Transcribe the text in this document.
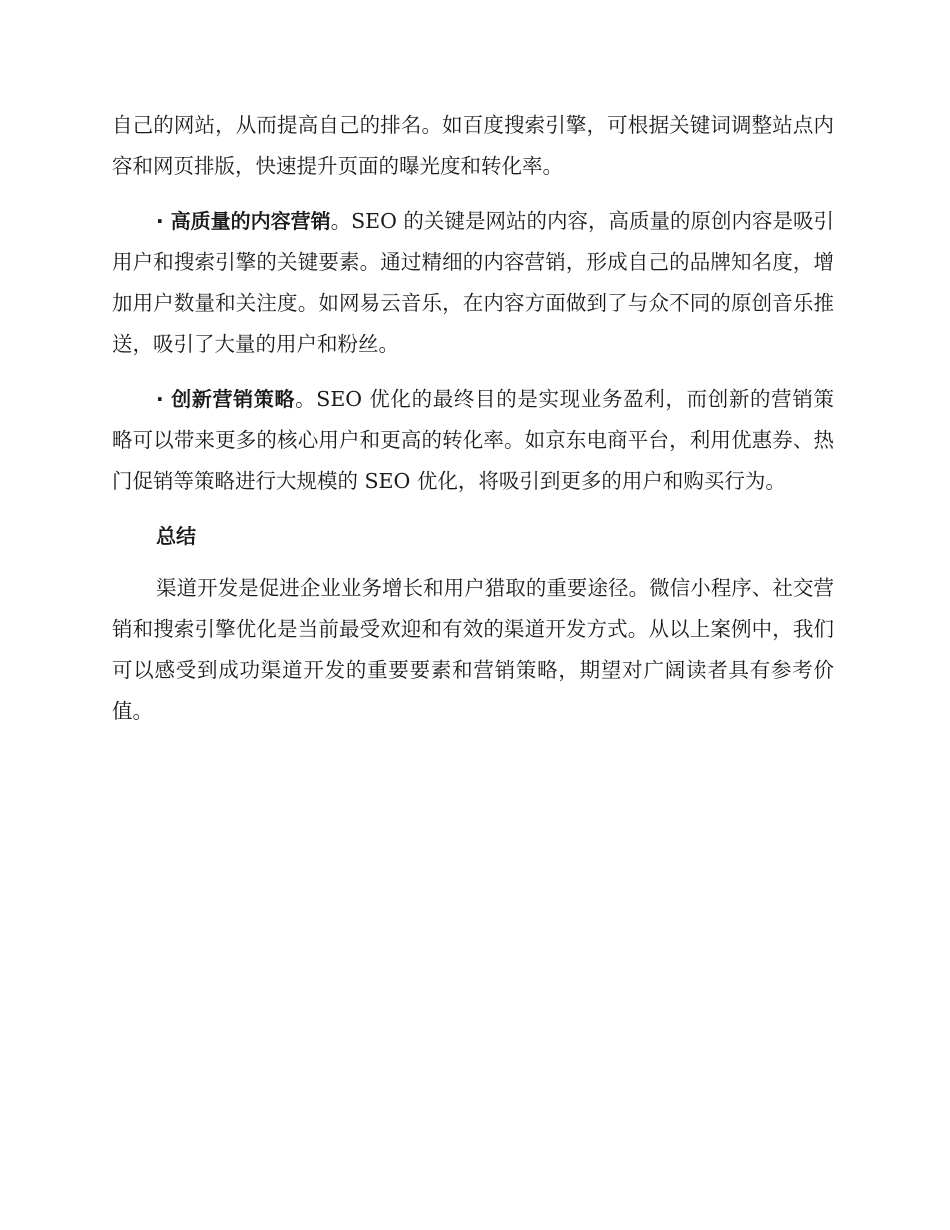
自己的网站，从而提高自己的排名。如百度搜索引擎，可根据关键词调整站点内容和网页排版，快速提升页面的曝光度和转化率。

· 高质量的内容营销。SEO 的关键是网站的内容，高质量的原创内容是吸引用户和搜索引擎的关键要素。通过精细的内容营销，形成自己的品牌知名度，增加用户数量和关注度。如网易云音乐，在内容方面做到了与众不同的原创音乐推送，吸引了大量的用户和粉丝。

· 创新营销策略。SEO 优化的最终目的是实现业务盈利，而创新的营销策略可以带来更多的核心用户和更高的转化率。如京东电商平台，利用优惠券、热门促销等策略进行大规模的 SEO 优化，将吸引到更多的用户和购买行为。

总结

渠道开发是促进企业业务增长和用户猎取的重要途径。微信小程序、社交营销和搜索引擎优化是当前最受欢迎和有效的渠道开发方式。从以上案例中，我们可以感受到成功渠道开发的重要要素和营销策略，期望对广阔读者具有参考价值。
